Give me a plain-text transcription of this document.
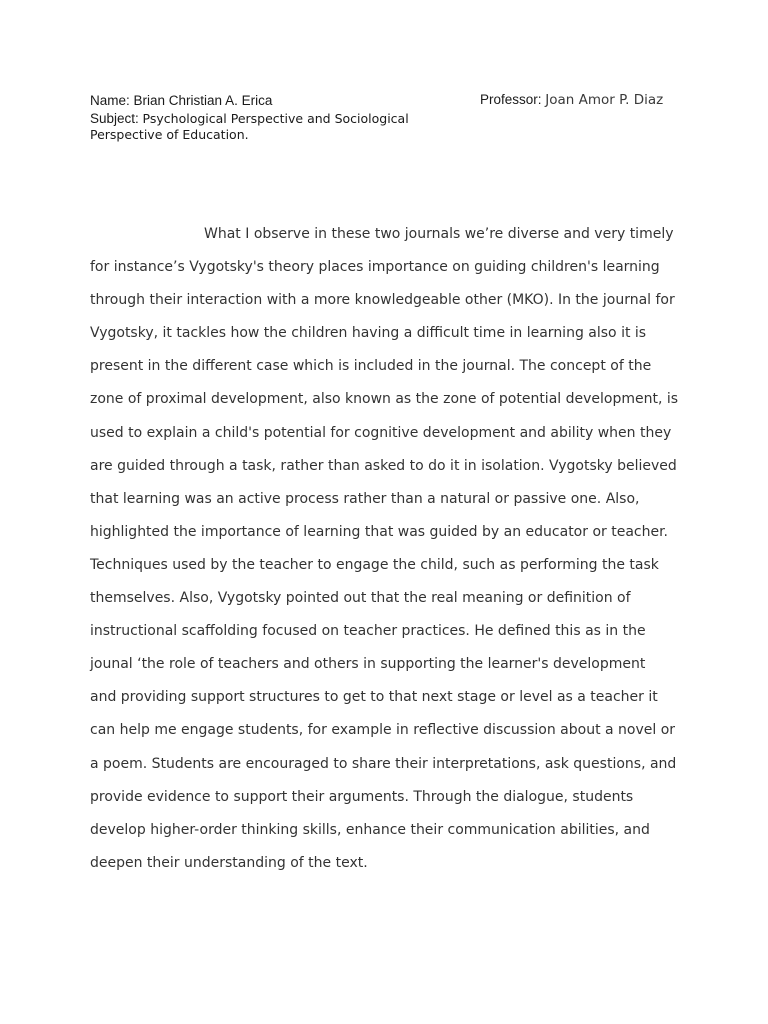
Name: Brian Christian A. Erica	Professor: Joan Amor P. Diaz
Subject: Psychological Perspective and Sociological
Perspective of Education.
What I observe in these two journals we’re diverse and very timely
for instance’s Vygotsky's theory places importance on guiding children's learning
through their interaction with a more knowledgeable other (MKO). In the journal for
Vygotsky, it tackles how the children having a difficult time in learning also it is
present in the different case which is included in the journal. The concept of the
zone of proximal development, also known as the zone of potential development, is
used to explain a child's potential for cognitive development and ability when they
are guided through a task, rather than asked to do it in isolation. Vygotsky believed
that learning was an active process rather than a natural or passive one. Also,
highlighted the importance of learning that was guided by an educator or teacher.
Techniques used by the teacher to engage the child, such as performing the task
themselves. Also, Vygotsky pointed out that the real meaning or definition of
instructional scaffolding focused on teacher practices. He defined this as in the
jounal ‘the role of teachers and others in supporting the learner's development
and providing support structures to get to that next stage or level as a teacher it
can help me engage students, for example in reflective discussion about a novel or
a poem. Students are encouraged to share their interpretations, ask questions, and
provide evidence to support their arguments. Through the dialogue, students
develop higher-order thinking skills, enhance their communication abilities, and
deepen their understanding of the text.
